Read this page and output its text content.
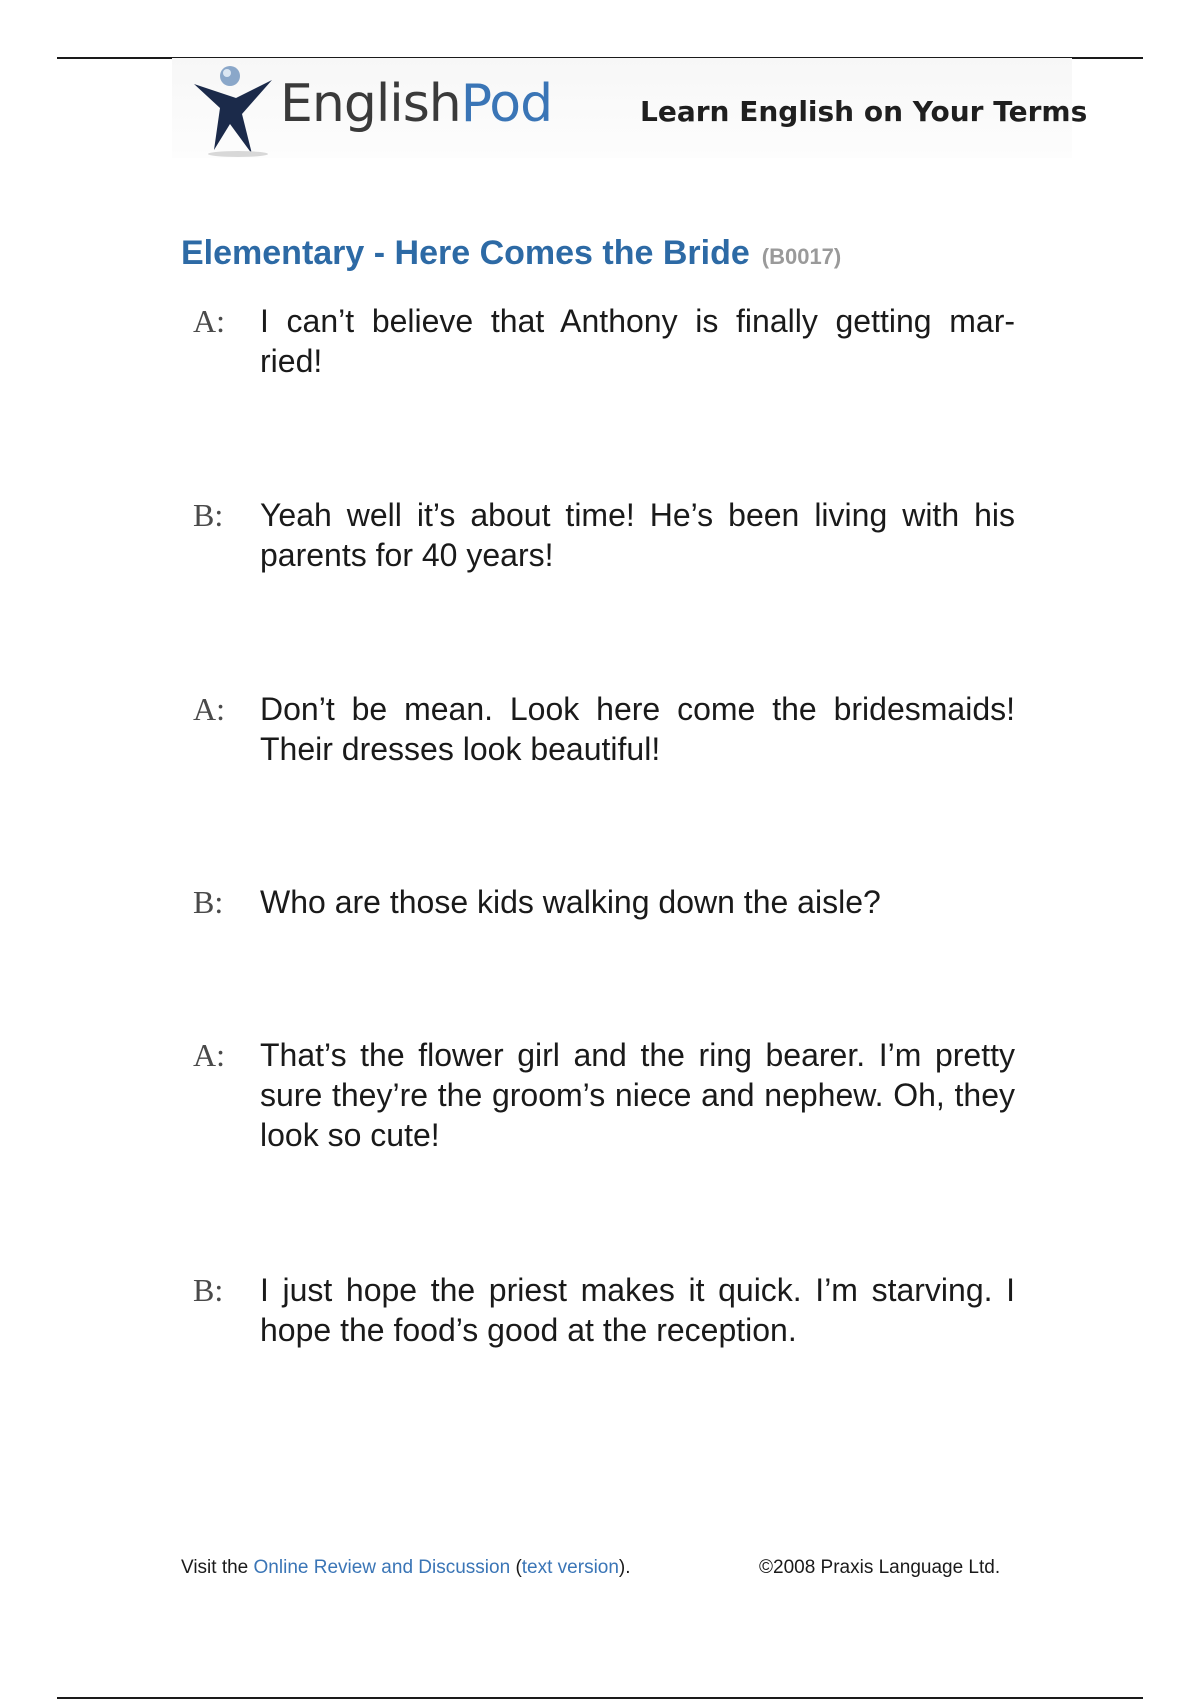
EnglishPod	Learn English on Your Terms
Elementary - Here Comes the Bride (B0017)
A: I can’t believe that Anthony is finally getting mar- ried!
B: Yeah well it’s about time! He’s been living with his parents for 40 years!
A: Don’t be mean. Look here come the bridesmaids! Their dresses look beautiful!
B: Who are those kids walking down the aisle?
A: That’s the flower girl and the ring bearer. I’m pretty sure they’re the groom’s niece and nephew. Oh, they look so cute!
B: I just hope the priest makes it quick. I’m starving. I hope the food’s good at the reception.
Visit the Online Review and Discussion (text version).	©2008 Praxis Language Ltd.
